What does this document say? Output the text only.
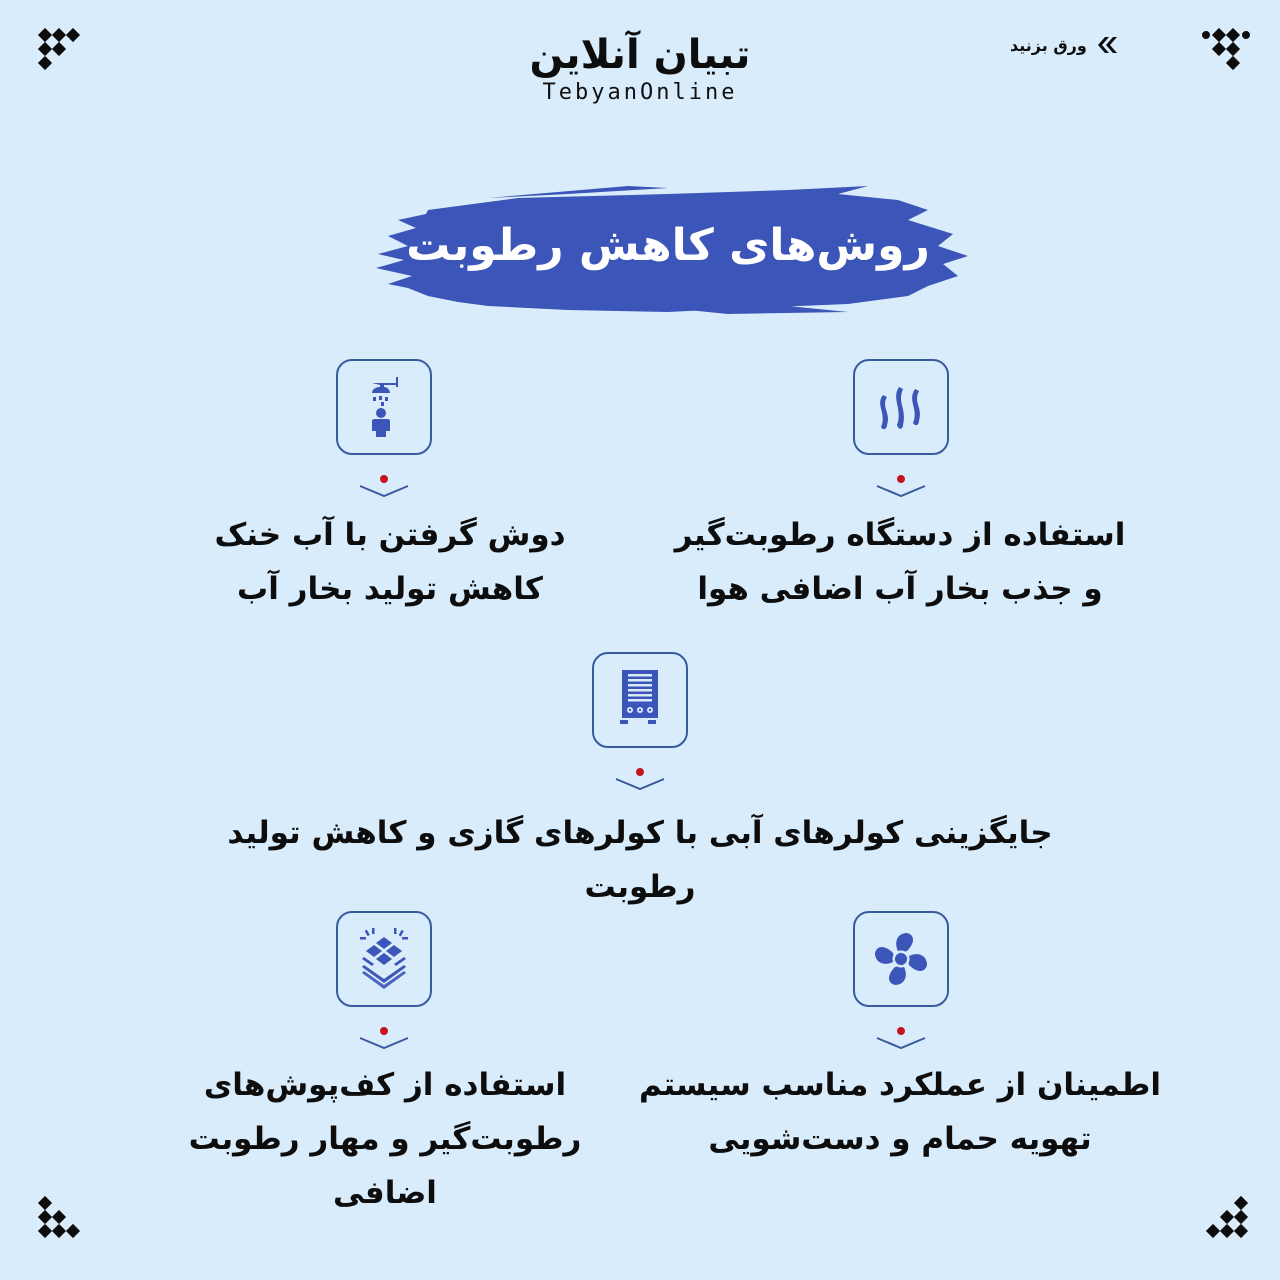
تبیان آنلاین
TebyanOnline
ورق بزنید
روش‌های کاهش رطوبت
استفاده از دستگاه رطوبت‌گیر
و جذب بخار آب اضافی هوا
دوش گرفتن با آب خنک
کاهش تولید بخار آب
جایگزینی کولرهای آبی با کولرهای گازی و کاهش تولید رطوبت
اطمینان از عملکرد مناسب سیستم
تهویه حمام و دست‌شویی
استفاده از کف‌پوش‌های
رطوبت‌گیر و مهار رطوبت اضافی
